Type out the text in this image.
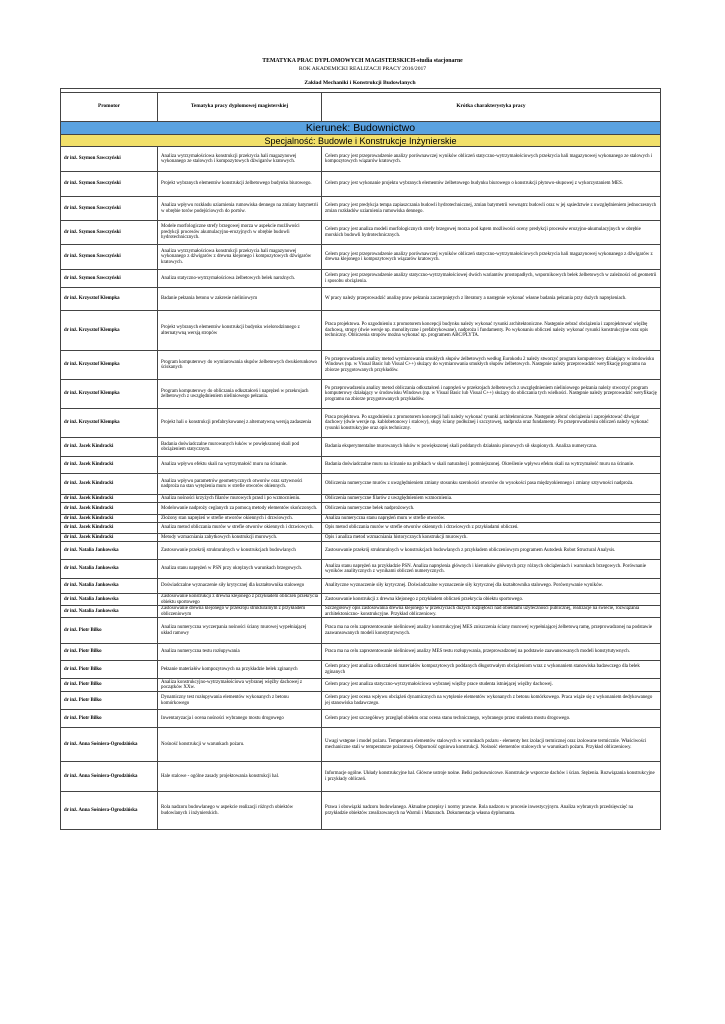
TEMATYKA PRAC DYPLOMOWYCH MAGISTERSKICH-studia stacjonarne
ROK AKADEMICKI REALIZACJI PRACY 2016/2017
Zakład Mechaniki i Konstrukcji Budowlanych

Promotor	Tematyka pracy dyplomowej magisterskiej	Krótka charakterystyka pracy
Kierunek: Budownictwo		
Specjalność: Budowle i Konstrukcje Inżynierskie		
dr inż. Szymon Sawczyński	Analiza wytrzymałościowa konstrukcji przekrycia hali magazynowej wykonanego ze stalowych i kompozytowych dźwigarów kratowych.	Celem pracy jest przeprowadzenie analizy porównawczej wyników obliczeń statyczno-wytrzymałościowych przekrycia hali magazynowej wykonanego ze stalowych i kompozytowych wiązarów kratowych.
dr inż. Szymon Sawczyński	Projekt wybranych elementów konstrukcji żelbetowego budynku biurowego.	Celem pracy jest wykonanie projektu wybranych elementów żelbetowego budynku biurowego o konstrukcji płytowo-słupowej z wykorzystaniem MES.
dr inż. Szymon Sawczyński	Analiza wpływu rozkładu uziarnienia rumowiska dennego na zmiany batymetrii w obrębie torów podejściowych do portów.	Celem pracy jest predykcja tempa zapiaszczania budowli hydrotechnicznej, zmian batymetrii wewnątrz budowli oraz w jej sąsiedztwie z uwzględnieniem jednoczesnych zmian rozkładów uziarnienia rumowiska dennego.
dr inż. Szymon Sawczyński	Modele morfologiczne strefy brzegowej morza w aspekcie możliwości predykcji procesów akumulacyjno-erozyjnych w obrębie budowli hydrotechnicznych.	Celem pracy jest analiza modeli morfologicznych strefy brzegowej morza pod kątem możliwości oceny predykcji procesów erozyjno-akumulacyjnych w obrębie morskich budowli hydrotechnicznych.
dr inż. Szymon Sawczyński	Analiza wytrzymałościowa konstrukcji przekrycia hali magazynowej wykonanego z dźwigarów z drewna klejonego i kompozytowych dźwigarów kratowych.	Celem pracy jest przeprowadzenie analizy porównawczej wyników obliczeń statyczno-wytrzymałościowych przekrycia hali magazynowej wykonanego z dźwigarów z drewna klejonego i kompozytowych wiązarów kratowych.
dr inż. Szymon Sawczyński	Analiza statyczno-wytrzymałościowa żelbetowych belek narożnych.	Celem pracy jest przeprowadzenie analizy statyczno-wytrzymałościowej dwóch wariantów prostopadłych, wspornikowych belek żelbetowych w zależności od geometrii i sposobu obciążenia.
dr inż. Krzysztof Klempka	Badanie pełzania betonu w zakresie nieliniowym	W pracy należy przeprowadzić analizę praw pełzania zaczerpniętych z literatury a następnie wykonać własne badania pełzania przy dużych naprężeniach.
dr inż. Krzysztof Klempka	Projekt wybranych elementów konstrukcji budynku wielorodzinnego z alternatywną wersją stropów	Praca projektowa. Po uzgodnieniu z promotorem koncepcji budynku należy wykonać rysunki architektoniczne. Następnie zebrać obciążenia i zaprojektować więźbę dachową, stropy (dwie wersje np. monolityczne i prefabrykowane), nadproża i fundamenty. Po wykonaniu obliczeń należy wykonać rysunki konstrukcyjne oraz opis techniczny. Obliczenia stropów można wykonać np. programem ABC/PLYTA.
dr inż. Krzysztof Klempka	Program komputerowy do wymiarowania słupów żelbetowych dwukierunkowo ściskanych	Po przeprowadzeniu analizy metod wymiarowania smukłych słupów żelbetowych według Eurokodu 2 należy stworzyć program komputerowy działający w środowisku Windows (np. w Visual Basic lub Visual C++) służący do wymiarowania smukłych słupów żelbetowych. Następnie należy przeprowadzić weryfikację programu na zbiorze przygotowanych przykładów.
dr inż. Krzysztof Klempka	Program komputerowy do obliczania odkształceń i naprężeń w przekrojach żelbetowych z uwzględnieniem nieliniowego pełzania.	Po przeprowadzeniu analizy metod obliczania odkształceń i naprężeń w przekrojach żelbetowych z uwzględnieniem nieliniowego pełzania należy stworzyć program komputerowy działający w środowisku Windows (np. w Visual Basic lub Visual C++) służący do obliczania tych wielkości. Następnie należy przeprowadzić weryfikację programu na zbiorze przygotowanych przykładów.
dr inż. Krzysztof Klempka	Projekt hali o konstrukcji prefabrykowanej z alternatywną wersją zadaszenia	Praca projektowa. Po uzgodnieniu z promotorem koncepcji hali należy wykonać rysunki architektoniczne. Następnie zebrać obciążenia i zaprojektować dźwigar dachowy (dwie wersje np. kablobetonowy i stalowy), słupy ściany podłużnej i szczytowej, nadproża oraz fundamenty. Po przeprowadzeniu obliczeń należy wykonać rysunki konstrukcyjne oraz opis techniczny.
dr inż. Jacek Kindracki	Badania doświadczalne murowanych łuków w powiększonej skali pod obciążeniem statycznym.	Badania eksperymentalne murowanych łuków w powiększonej skali poddanych działaniu pionowych sił skupionych. Analiza numeryczna.
dr inż. Jacek Kindracki	Analiza wpływu efektu skali na wytrzymałość muru na ścinanie.	Badania doświadczalne muru na ścinanie na próbkach w skali naturalnej i pomniejszonej. Określenie wpływu efektu skali na wytrzymałość muru na ścinanie.
dr inż. Jacek Kindracki	Analiza wpływu parametrów geometrycznych otworów oraz sztywności nadproża na stan wytężenia muru w strefie otworów okiennych.	Obliczenia numeryczne murów z uwzględnieniem zmiany stosunku szerokości otworów do wysokości pasa międzyokiennego i zmiany sztywności nadproża.
dr inż. Jacek Kindracki	Analiza nośności krzyżych filarów murowych prasd i po wzmocnieniu.	Obliczenia numeryczne filarów z uwzględnieniem wzmocnienia.
dr inż. Jacek Kindracki	Modelowanie nadproży ceglanych za pomocą metody elementów skończonych.	Obliczenia numeryczne belek nadprożowych.
dr inż. Jacek Kindracki	Złożony stan naprężeń w strefie otworów okiennych i drzwiowych.	Analiza numeryczna stanu naprężeń muru w strefie otworów.
dr inż. Jacek Kindracki	Analiza metod obliczania murów w strefie otworów okiennych i drzwiowych.	Opis metod obliczania murów w strefie otworów okiennych i drzwiowych z przykładami obliczeń.
dr inż. Jacek Kindracki	Metody wzmacniania zabytkowych konstrukcji murowych.	Opis i analiza metod wzmacniania historycznych konstrukcji murowych.
dr inż. Natalia Jankowska	Zastosowanie przekrój strukturalnych w konstrukcjach budowlanych	Zastosowanie przekrój strukturalnych w konstrukcjach budowlanych z przykładem obliczeniowym programem Autodesk Robot Structural Analysis.
dr inż. Natalia Jankowska	Analiza stanu naprężeń w PSN przy okrężnych warunkach brzegowych.	Analiza stanu naprężeń na przykładzie PSN. Analiza naprężenia głównych i kierunków głównych przy różnych obciążeniach i warunkach brzegowych. Porównanie wyników analitycznych z wynikami obliczeń numerycznych.
dr inż. Natalia Jankowska	Doświadczalne wyznaczenie siły krytycznej dla kształtownika stalowego	Analityczne wyznaczenie siły krytycznej. Doświadczalne wyznaczenie siły krytycznej dla kształtownika stalowego. Porównywanie wyników.
dr inż. Natalia Jankowska	Zastosowanie konstrukcji z drewna klejonego z przykładem obliczeń przekrycia obiektu sportowego	Zastosowanie konstrukcji z drewna klejonego z przykładem obliczeń przekrycia obiektu sportowego.
dr inż. Natalia Jankowska	Zastosowanie drewna klejonego w przekroju strukturalnym z przykładem obliczeniowym	Szczegółowy opis zastosowania drewna klejonego w przekryciach dużych rozpiętości nad obiektami użyteczności publicznej, realizacje na świecie, rozwiązania architektoniczno- konstrukcyjne. Przykład obliczeniowy.
dr inż. Piotr Bilko	Analiza numeryczna wyczerpania nośności ściany murowej wypełniającej układ ramowy	Praca ma na celu zaprezentowanie nieliniowej analizy konstrukcyjnej MES zniszczenia ściany murowej wypełniającej żelbetową ramę, przeprowadzonej na podstawie zaawansowanych modeli konstytutywnych.
dr inż. Piotr Bilko	Analiza numeryczna testu rozłupywania	Praca ma na celu zaprezentowanie nieliniowej analizy MES testu rozłupywania, przeprowadzonej na podstawie zaawansowanych modeli konstytutywnych.
dr inż. Piotr Bilko	Pełzanie materiałów kompozytowych na przykładzie belek zginanych	Celem pracy jest analiza odkształceń materiałów kompozytowych poddanych długotrwałym obciążeniom wraz z wykonaniem stanowiska badawczego dla belek zginanych
dr inż. Piotr Bilko	Analiza konstrukcyjno-wytrzymałościowa wybranej więźby dachowej z początków XXw.	Celem pracy jest analiza statyczno-wytrzymałościowa wybranej więźby prace studenta istniejącej więźby dachowej.
dr inż. Piotr Bilko	Dynamiczny test rozłupywania elementów wykonanych z betonu komórkowego	Celem pracy jest ocena wpływu obciążeń dynamicznych na wytężenie elementów wykonanych z betonu komórkowego. Praca wiąże się z wykonaniem dedykowanego jej stanowiska badawczego.
dr inż. Piotr Bilko	Inwentaryzacja i ocena nośności wybranego mostu drogowego	Celem pracy jest szczegółowy przegląd obiektu oraz ocena stanu technicznego, wybranego przez studenta mostu drogowego.
dr inż. Anna Sośniera-Ogrodzińska	Nośność konstrukcji w warunkach pożaru.	Uwagi wstępne i model pożaru. Temperatura elementów stalowych w warunkach pożaru - elementy bez izolacji termicznej oraz izolowane termicznie. Właściwości mechaniczne stali w temperaturze pożarowej. Odporność ogniowa konstrukcji. Nośność elementów stalowych w warunkach pożaru. Przykład obliczeniowy.
dr inż. Anna Sośniera-Ogrodzińska	Hale stalowe - ogólne zasady projektowania konstrukcji hal.	Informacje ogólne. Układy konstrukcyjne hal. Główne ustroje nośne. Belki podsuwnicowe. Konstrukcje wsporcze dachów i ścian. Stężenia. Rozwiązania konstrukcyjne i przykłady obliczeń.
dr inż. Anna Sośniera-Ogrodzińska	Rola nadzoru budowlanego w aspekcie realizacji różnych obiektów budowlanych i inżynierskich.	Prawa i obowiązki nadzoru budowlanego. Aktualne przepisy i normy prawne. Rola nadzoru w procesie inwestycyjnym. Analiza wybranych przedsięwzięć na przykładzie obiektów zrealizowanych na Warmii i Mazurach. Dokumentacja własna dyplomanta.
